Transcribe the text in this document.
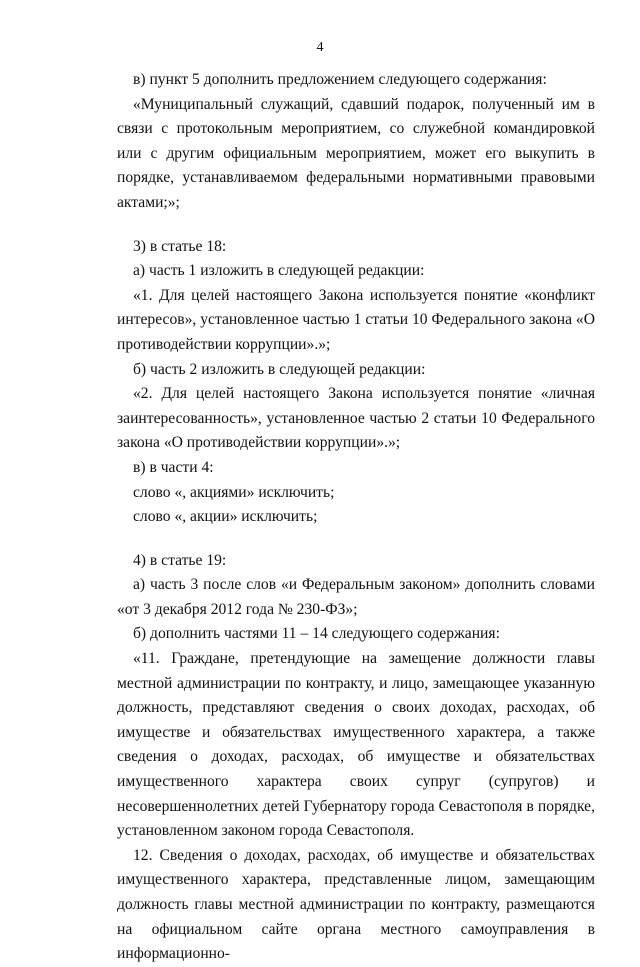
4

в) пункт 5 дополнить предложением следующего содержания:

«Муниципальный служащий, сдавший подарок, полученный им в связи с протокольным мероприятием, со служебной командировкой или с другим официальным мероприятием, может его выкупить в порядке, устанавливаемом федеральными нормативными правовыми актами;»;

3) в статье 18:

а) часть 1 изложить в следующей редакции:

«1. Для целей настоящего Закона используется понятие «конфликт интересов», установленное частью 1 статьи 10 Федерального закона «О противодействии коррупции».»;

б) часть 2 изложить в следующей редакции:

«2. Для целей настоящего Закона используется понятие «личная заинтересованность», установленное частью 2 статьи 10 Федерального закона «О противодействии коррупции».»;

в) в части 4:

слово «, акциями» исключить;

слово «, акции» исключить;

4) в статье 19:

а) часть 3 после слов «и Федеральным законом» дополнить словами «от 3 декабря 2012 года № 230-ФЗ»;

б) дополнить частями 11 – 14 следующего содержания:

«11. Граждане, претендующие на замещение должности главы местной администрации по контракту, и лицо, замещающее указанную должность, представляют сведения о своих доходах, расходах, об имуществе и обязательствах имущественного характера, а также сведения о доходах, расходах, об имуществе и обязательствах имущественного характера своих супруг (супругов) и несовершеннолетних детей Губернатору города Севастополя в порядке, установленном законом города Севастополя.

12. Сведения о доходах, расходах, об имуществе и обязательствах имущественного характера, представленные лицом, замещающим должность главы местной администрации по контракту, размещаются на официальном сайте органа местного самоуправления в информационно-
